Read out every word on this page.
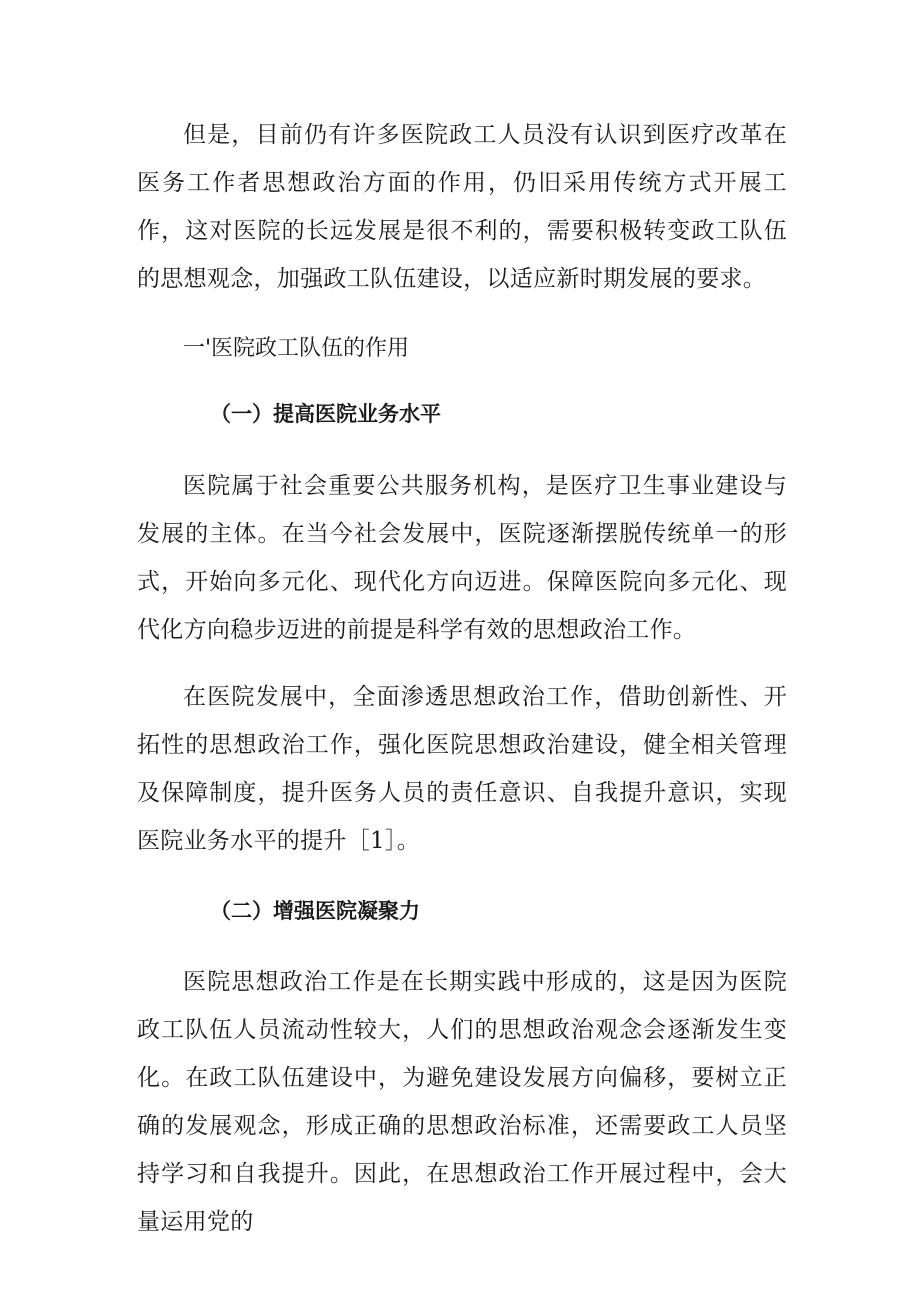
但是，目前仍有许多医院政工人员没有认识到医疗改革在医务工作者思想政治方面的作用，仍旧采用传统方式开展工作，这对医院的长远发展是很不利的，需要积极转变政工队伍的思想观念，加强政工队伍建设，以适应新时期发展的要求。

一'医院政工队伍的作用
（一）提高医院业务水平

医院属于社会重要公共服务机构，是医疗卫生事业建设与发展的主体。在当今社会发展中，医院逐渐摆脱传统单一的形式，开始向多元化、现代化方向迈进。保障医院向多元化、现代化方向稳步迈进的前提是科学有效的思想政治工作。

在医院发展中，全面渗透思想政治工作，借助创新性、开拓性的思想政治工作，强化医院思想政治建设，健全相关管理及保障制度，提升医务人员的责任意识、自我提升意识，实现医院业务水平的提升［1］。

（二）增强医院凝聚力

医院思想政治工作是在长期实践中形成的，这是因为医院政工队伍人员流动性较大，人们的思想政治观念会逐渐发生变化。在政工队伍建设中，为避免建设发展方向偏移，要树立正确的发展观念，形成正确的思想政治标准，还需要政工人员坚持学习和自我提升。因此，在思想政治工作开展过程中，会大量运用党的
